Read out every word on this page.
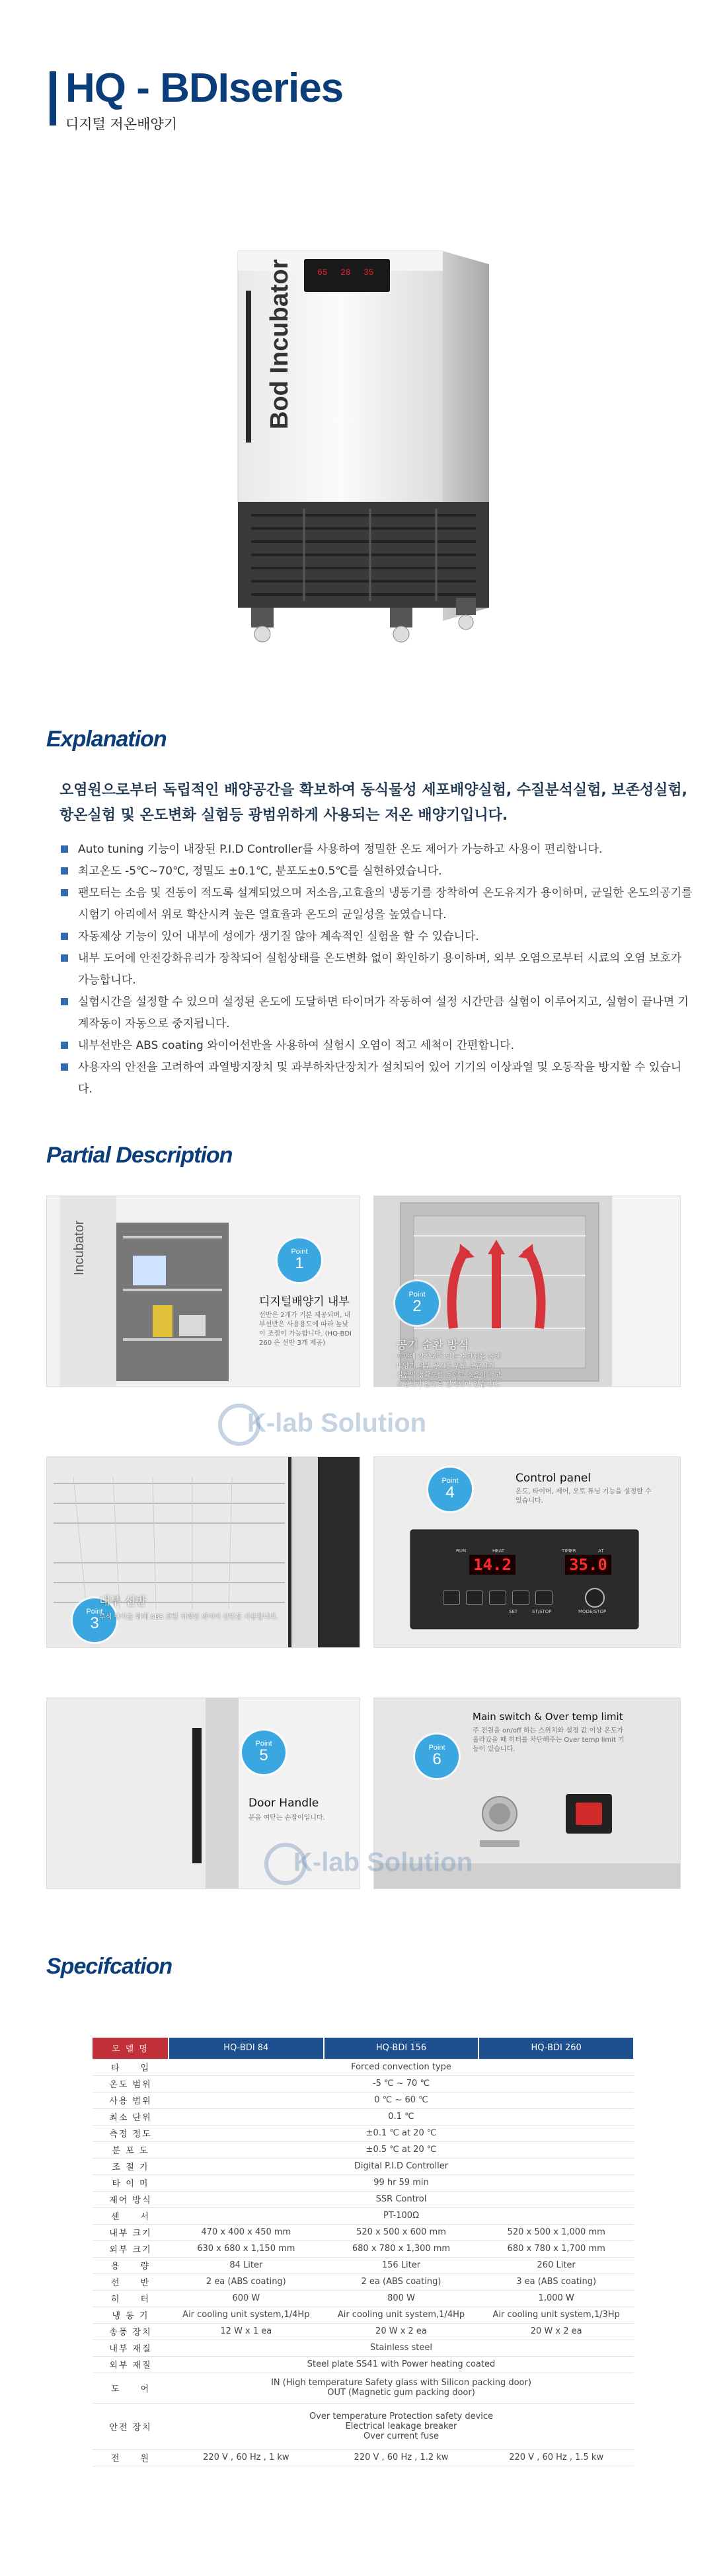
HQ - BDIseries
디지털 저온배양기
65 28 35
Bod Incubator
Explanation
오염원으로부터 독립적인 배양공간을 확보하여 동식물성 세포배양실험, 수질분석실험, 보존성실험, 항온실험 및 온도변화 실험등 광범위하게 사용되는 저온 배양기입니다.
Auto tuning 기능이 내장된 P.I.D Controller를 사용하여 정밀한 온도 제어가 가능하고 사용이 편리합니다.
최고온도 -5℃~70℃, 정밀도 ±0.1℃, 분포도±0.5℃를 실현하였습니다.
팬모터는 소음 및 진동이 적도록 설계되었으며 저소음,고효율의 냉동기를 장착하여 온도유지가 용이하며, 균일한 온도의공기를 시험기 아리에서 위로 확산시켜 높은 열효율과 온도의 균일성을 높였습니다.
자동제상 기능이 있어 내부에 성에가 생기질 않아 계속적인 실험을 할 수 있습니다.
내부 도어에 안전강화유리가 장착되어 실험상태를 온도변화 없이 확인하기 용이하며, 외부 오염으로부터 시료의 오염 보호가 가능합니다.
실험시간을 설정할 수 있으며 설정된 온도에 도달하면 타이머가 작동하여 설정 시간만큼 실험이 이루어지고, 실험이 끝나면 기계작동이 자동으로 중지됩니다.
내부선반은 ABS coating 와이어선반을 사용하여 실험시 오염이 적고 세척이 간편합니다.
사용자의 안전을 고려하여 과열방지장치 및 과부하차단장치가 설치되어 있어 기기의 이상과열 및 오동작을 방지할 수 있습니다.
Partial Description
Incubator	Point
1
디지털배양기 내부
선반은 2개가 기본 제공되며, 내부선반은 사용용도에 따라 높낮이 조절이 가능합니다. (HQ-BDI 260 은 선반 3개 제공)
Point
2
공기 순환 방식
후면에 장착되어 있는 순환팬을 통해 배양기 내부 공기를 위로 순환시켜 실험의 정확도를 높이고 소음이 적고 오염되지 않도록 설계되어 있습니다.
Point
3
내부 선반
부식 방지를 위해 ABS 코팅 처리된 와이어 선반을 사용합니다.
Point
4
Control panel
온도, 타이머, 제어, 오토 튜닝 기능을 설정할 수 있습니다.
RUN	HEAT	TIMER	AT
14.2	35.0
SET	ST/STOP	MODE/STOP
K-lab Solution
Point
5
Door Handle
문을 여닫는 손잡이입니다.
Point
6
Main switch & Over temp limit
주 전원을 on/off 하는 스위치와 설정 값 이상 온도가 올라갔을 때 히터를 차단해주는 Over temp limit 기능이 있습니다.
K-lab Solution
Specifcation
모 델 명	HQ-BDI 84	HQ-BDI 156	HQ-BDI 260
타　　입	Forced convection type		
온도 범위	-5 ℃ ~ 70 ℃		
사용 범위	0 ℃ ~ 60 ℃		
최소 단위	0.1 ℃		
측정 정도	±0.1 ℃ at 20 ℃		
분 포 도	±0.5 ℃ at 20 ℃		
조 절 기	Digital P.I.D Controller		
타 이 머	99 hr 59 min		
제어 방식	SSR Control		
센　　서	PT-100Ω		
내부 크기	470 x 400 x 450 mm	520 x 500 x 600 mm	520 x 500 x 1,000 mm
외부 크기	630 x 680 x 1,150 mm	680 x 780 x 1,300 mm	680 x 780 x 1,700 mm
용　　량	84 Liter	156 Liter	260 Liter
선　　반	2 ea (ABS coating)	2 ea (ABS coating)	3 ea (ABS coating)
히　　터	600 W	800 W	1,000 W
냉 동 기	Air cooling unit system,1/4Hp	Air cooling unit system,1/4Hp	Air cooling unit system,1/3Hp
송풍 장치	12 W x 1 ea	20 W x 2 ea	20 W x 2 ea
내부 재질	Stainless steel		
외부 재질	Steel plate SS41 with Power heating coated		
도　　어	IN (High temperature Safety glass with Silicon packing door)
OUT (Magnetic gum packing door)		
안전 장치	Over temperature Protection safety device
Electrical leakage breaker
Over current fuse		
전　　원	220 V , 60 Hz , 1 kw	220 V , 60 Hz , 1.2 kw	220 V , 60 Hz , 1.5 kw
